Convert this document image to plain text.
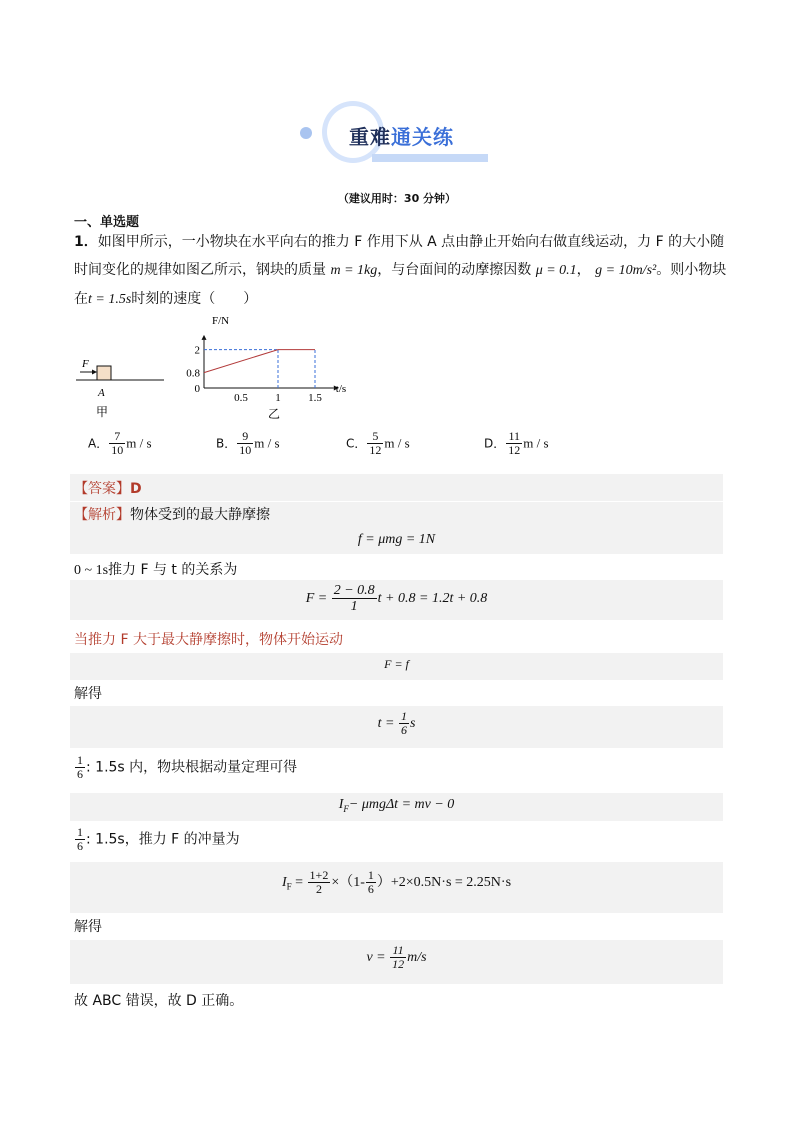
重难通关练
（建议用时：30 分钟）
一、单选题
1．如图甲所示，一小物块在水平向右的推力 F 作用下从 A 点由静止开始向右做直线运动，力 F 的大小随
时间变化的规律如图乙所示，钢块的质量 m = 1kg，与台面间的动摩擦因数 μ = 0.1， g = 10m/s²。则小物块
在t = 1.5s时刻的速度（　　）
F
A
甲
0.5 1 1.5
0
0.8
2
F/N
t/s
乙
A． $\frac{7}{10}$ m / s	B． $\frac{9}{10}$ m / s	C． $\frac{5}{12}$ m / s	D． $\frac{11}{12}$ m / s
【答案】D
【解析】物体受到的最大静摩擦
f = μmg = 1N
0 ~ 1s推力 F 与 t 的关系为
$F = \frac{2 - 0.8}{1}$ t + 0.8 = 1.2t + 0.8
当推力 F 大于最大静摩擦时，物体开始运动
F = f
解得
$t = \frac{1}{6}$ s
$\frac{1}{6}$ : 1.5s 内，物块根据动量定理可得
$I_F- \mu mg\Delta t$ = mv − 0
$\frac{1}{6}$ : 1.5s，推力 F 的冲量为
$I_F = \frac{1+2}{2} \times(1- \frac{1}{6} )+2\times 0.5N\cdot s = 2.25N\cdot s$
解得
$v = \frac{11}{12} m/s$
故 ABC 错误，故 D 正确。
